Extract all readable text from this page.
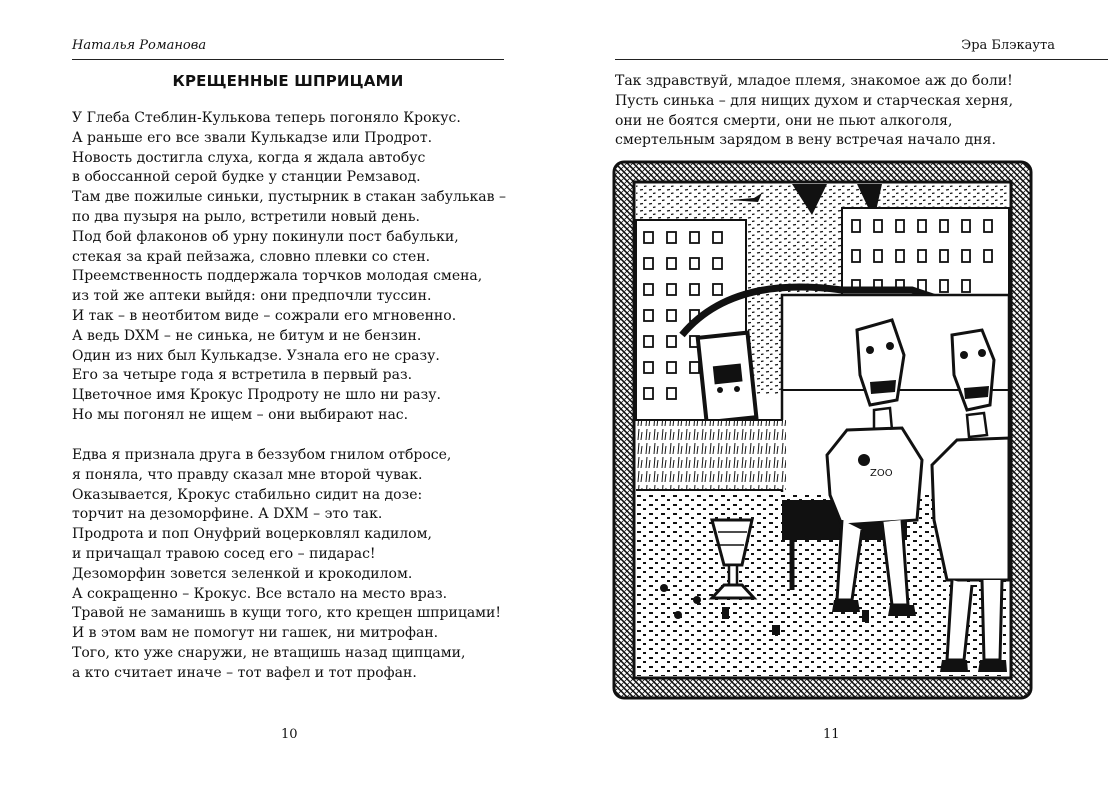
Наталья Романова
КРЕЩЕННЫЕ ШПРИЦАМИ
У Глеба Стеблин-Кулькова теперь погоняло Крокус.
А раньше его все звали Кулькадзе или Продрот.
Новость достигла слуха, когда я ждала автобус
в обоссанной серой будке у станции Ремзавод.
Там две пожилые синьки, пустырник в стакан забулькав –
по два пузыря на рыло, встретили новый день.
Под бой флаконов об урну покинули пост бабульки,
стекая за край пейзажа, словно плевки со стен.
Преемственность поддержала торчков молодая смена,
из той же аптеки выйдя: они предпочли туссин.
И так – в неотбитом виде – сожрали его мгновенно.
А ведь DXM – не синька, не битум и не бензин.
Один из них был Кулькадзе. Узнала его не сразу.
Его за четыре года я встретила в первый раз.
Цветочное имя Крокус Продроту не шло ни разу.
Но мы погонял не ищем – они выбирают нас.
Едва я признала друга в беззубом гнилом отбросе,
я поняла, что правду сказал мне второй чувак.
Оказывается, Крокус стабильно сидит на дозе:
торчит на дезоморфине. А DXM – это так.
Продрота и поп Онуфрий воцерковлял кадилом,
и причащал травою сосед его – пидарас!
Дезоморфин зовется зеленкой и крокодилом.
А сокращенно – Крокус. Все встало на место враз.
Травой не заманишь в кущи того, кто крещен шприцами!
И в этом вам не помогут ни гашек, ни митрофан.
Того, кто уже снаружи, не втащишь назад щипцами,
а кто считает иначе – тот вафел и тот профан.
10
Эра Блэкаута
Так здравствуй, младое племя, знакомое аж до боли!
Пусть синька – для нищих духом и старческая херня,
они не боятся смерти, они не пьют алкоголя,
смертельным зарядом в вену встречая начало дня.
ZOO
11
